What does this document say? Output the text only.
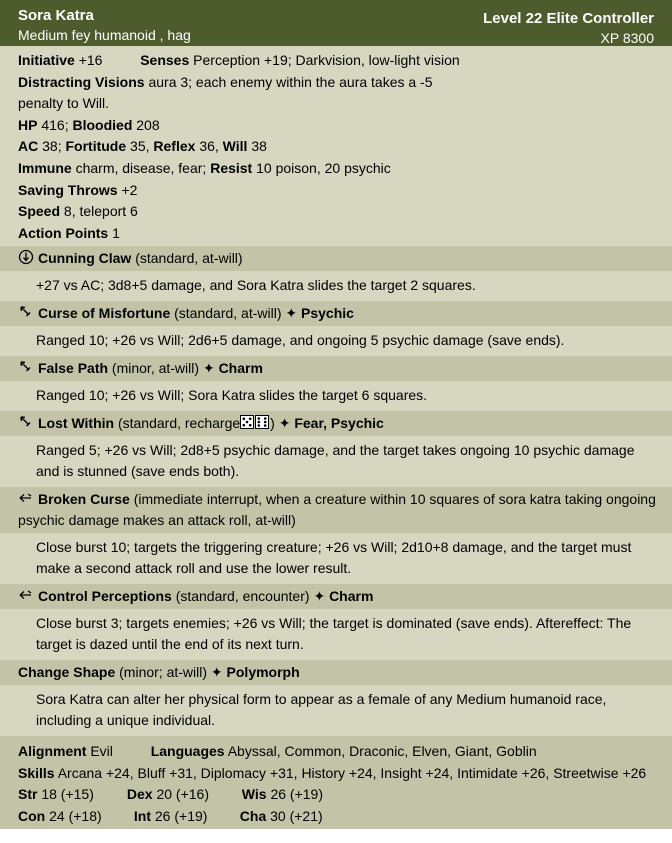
Sora Katra
Medium fey humanoid , hag
Level 22 Elite Controller
XP 8300
Initiative +16	Senses Perception +19; Darkvision, low-light vision
Distracting Visions aura 3; each enemy within the aura takes a -5 penalty to Will.
HP 416; Bloodied 208
AC 38; Fortitude 35, Reflex 36, Will 38
Immune charm, disease, fear; Resist 10 poison, 20 psychic
Saving Throws +2
Speed 8, teleport 6
Action Points 1
Cunning Claw (standard, at-will)
+27 vs AC; 3d8+5 damage, and Sora Katra slides the target 2 squares.
Curse of Misfortune (standard, at-will) ✦ Psychic
Ranged 10; +26 vs Will; 2d6+5 damage, and ongoing 5 psychic damage (save ends).
False Path (minor, at-will) ✦ Charm
Ranged 10; +26 vs Will; Sora Katra slides the target 6 squares.
Lost Within (standard, recharge ) ✦ Fear, Psychic
Ranged 5; +26 vs Will; 2d8+5 psychic damage, and the target takes ongoing 10 psychic damage and is stunned (save ends both).
Broken Curse (immediate interrupt, when a creature within 10 squares of sora katra taking ongoing psychic damage makes an attack roll, at-will)
Close burst 10; targets the triggering creature; +26 vs Will; 2d10+8 damage, and the target must make a second attack roll and use the lower result.
Control Perceptions (standard, encounter) ✦ Charm
Close burst 3; targets enemies; +26 vs Will; the target is dominated (save ends). Aftereffect: The target is dazed until the end of its next turn.
Change Shape (minor; at-will) ✦ Polymorph
Sora Katra can alter her physical form to appear as a female of any Medium humanoid race, including a unique individual.
Alignment Evil	Languages Abyssal, Common, Draconic, Elven, Giant, Goblin
Skills Arcana +24, Bluff +31, Diplomacy +31, History +24, Insight +24, Intimidate +26, Streetwise +26
Str 18 (+15) Dex 20 (+16) Wis 26 (+19)
Con 24 (+18) Int 26 (+19) Cha 30 (+21)
